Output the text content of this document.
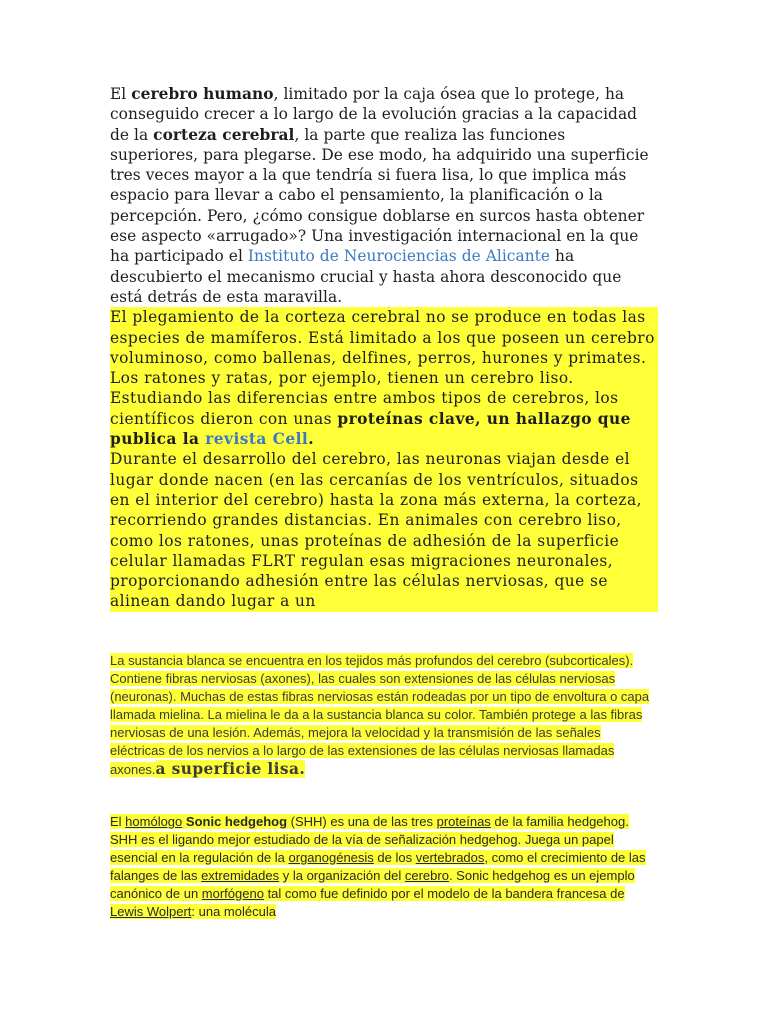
El cerebro humano, limitado por la caja ósea que lo protege, ha conseguido crecer a lo largo de la evolución gracias a la capacidad de la corteza cerebral, la parte que realiza las funciones superiores, para plegarse. De ese modo, ha adquirido una superficie tres veces mayor a la que tendría si fuera lisa, lo que implica más espacio para llevar a cabo el pensamiento, la planificación o la percepción. Pero, ¿cómo consigue doblarse en surcos hasta obtener ese aspecto «arrugado»? Una investigación internacional en la que ha participado el Instituto de Neurociencias de Alicante ha descubierto el mecanismo crucial y hasta ahora desconocido que está detrás de esta maravilla.

El plegamiento de la corteza cerebral no se produce en todas las especies de mamíferos. Está limitado a los que poseen un cerebro voluminoso, como ballenas, delfines, perros, hurones y primates. Los ratones y ratas, por ejemplo, tienen un cerebro liso. Estudiando las diferencias entre ambos tipos de cerebros, los científicos dieron con unas proteínas clave, un hallazgo que publica la revista Cell.
Durante el desarrollo del cerebro, las neuronas viajan desde el lugar donde nacen (en las cercanías de los ventrículos, situados en el interior del cerebro) hasta la zona más externa, la corteza, recorriendo grandes distancias. En animales con cerebro liso, como los ratones, unas proteínas de adhesión de la superficie celular llamadas FLRT regulan esas migraciones neuronales, proporcionando adhesión entre las células nerviosas, que se alinean dando lugar a un
La sustancia blanca se encuentra en los tejidos más profundos del cerebro (subcorticales). Contiene fibras nerviosas (axones), las cuales son extensiones de las células nerviosas (neuronas). Muchas de estas fibras nerviosas están rodeadas por un tipo de envoltura o capa llamada mielina. La mielina le da a la sustancia blanca su color. También protege a las fibras nerviosas de una lesión. Además, mejora la velocidad y la transmisión de las señales eléctricas de los nervios a lo largo de las extensiones de las células nerviosas llamadas axones.a superficie lisa.
El homólogo Sonic hedgehog (SHH) es una de las tres proteínas de la familia hedgehog. SHH es el ligando mejor estudiado de la vía de señalización hedgehog. Juega un papel esencial en la regulación de la organogénesis de los vertebrados, como el crecimiento de las falanges de las extremidades y la organización del cerebro. Sonic hedgehog es un ejemplo canónico de un morfógeno tal como fue definido por el modelo de la bandera francesa de Lewis Wolpert: una molécula
